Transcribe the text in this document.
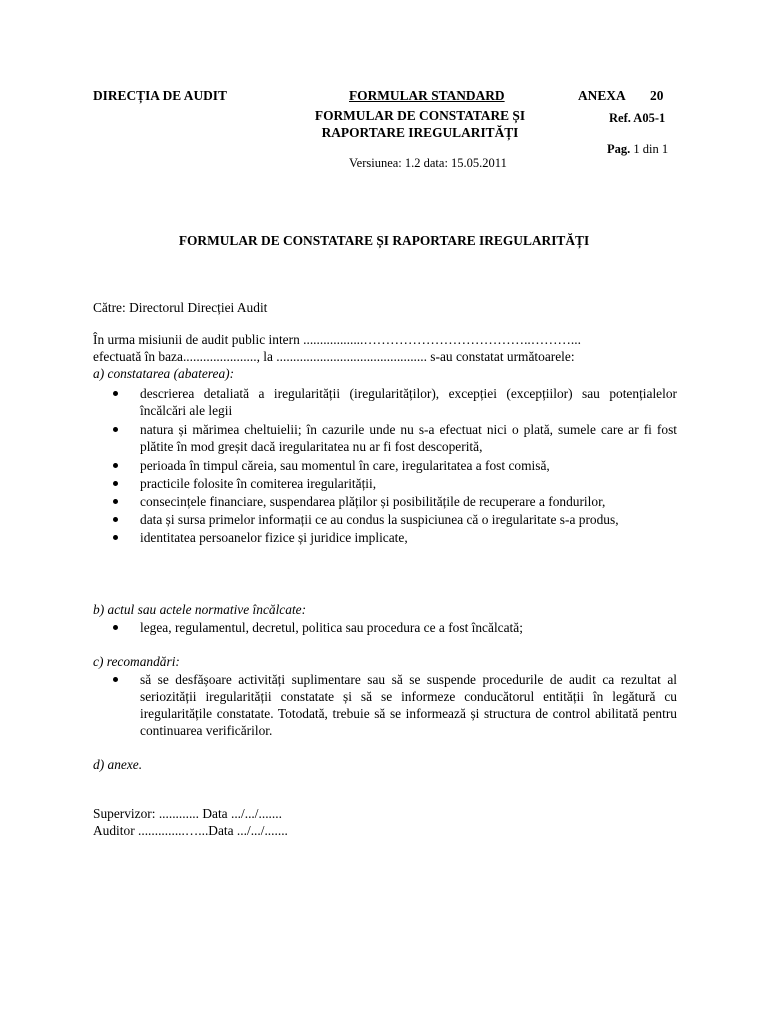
DIRECȚIA DE AUDIT	FORMULAR STANDARD
FORMULAR DE CONSTATARE ȘI
RAPORTARE IREGULARITĂȚI
Versiunea: 1.2 data: 15.05.2011
ANEXA 20
Ref. A05-1
Pag. 1 din 1
FORMULAR DE CONSTATARE ȘI RAPORTARE IREGULARITĂȚI
Către: Directorul Direcției Audit
În urma misiunii de audit public intern ..................………………………………..………...
efectuată în baza......................, la ............................................. s-au constatat următoarele:
a) constatarea (abaterea):
descrierea detaliată a iregularității (iregularităților), excepției (excepțiilor) sau potențialelor încălcări ale legii
natura și mărimea cheltuielii; în cazurile unde nu s-a efectuat nici o plată, sumele care ar fi fost plătite în mod greșit dacă iregularitatea nu ar fi fost descoperită,
perioada în timpul căreia, sau momentul în care, iregularitatea a fost comisă,
practicile folosite în comiterea iregularității,
consecințele financiare, suspendarea plăților și posibilitățile de recuperare a fondurilor,
data și sursa primelor informații ce au condus la suspiciunea că o iregularitate s-a produs,
identitatea persoanelor fizice și juridice implicate,
b) actul sau actele normative încălcate:
legea, regulamentul, decretul, politica sau procedura ce a fost încălcată;
c) recomandări:
să se desfășoare activități suplimentare sau să se suspende procedurile de audit ca rezultat al seriozității iregularității constatate și să se informeze conducătorul entității în legătură cu iregularitățile constatate. Totodată, trebuie să se informează și structura de control abilitată pentru continuarea verificărilor.
d) anexe.
Supervizor: ............ Data .../.../.......
Auditor ..............…...Data .../.../.......
